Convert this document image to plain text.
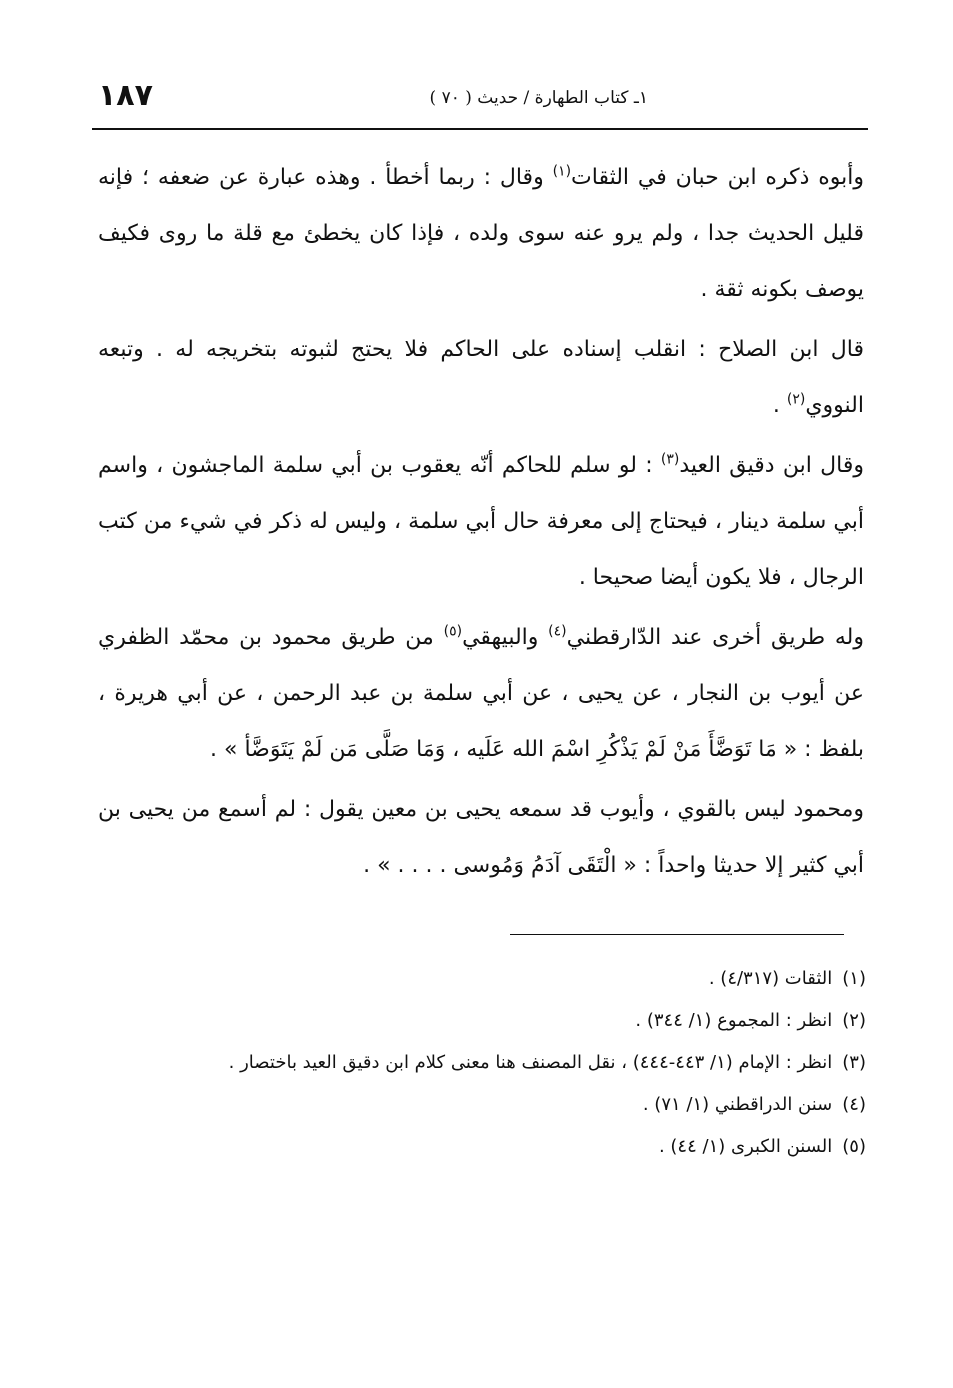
١ـ كتاب الطهارة / حديث ( ٧٠ )
١٨٧

وأبوه ذكره ابن حبان في الثقات$^{(١)}$ وقال : ربما أخطأ . وهذه عبارة عن ضعفه ؛ فإنه قليل الحديث جدا ، ولم يرو عنه سوى ولده ، فإذا كان يخطئ مع قلة ما روى فكيف يوصف بكونه ثقة .

قال ابن الصلاح : انقلب إسناده على الحاكم فلا يحتج لثبوته بتخريجه له . وتبعه النووي$^{(٢)}$ .

وقال ابن دقيق العيد$^{(٣)}$ : لو سلم للحاكم أنّه يعقوب بن أبي سلمة الماجشون ، واسم أبي سلمة دينار ، فيحتاج إلى معرفة حال أبي سلمة ، وليس له ذكر في شيء من كتب الرجال ، فلا يكون أيضا صحيحا .

وله طريق أخرى عند الدّارقطني$^{(٤)}$ والبيهقي$^{(٥)}$ من طريق محمود بن محمّد الظفري عن أيوب بن النجار ، عن يحيى ، عن أبي سلمة بن عبد الرحمن ، عن أبي هريرة ، بلفظ : « مَا تَوَضَّأَ مَنْ لَمْ يَذْكُرِ اسْمَ الله عَلَيه ، وَمَا صَلَّى مَن لَمْ يَتَوَضَّأ » .

ومحمود ليس بالقوي ، وأيوب قد سمعه يحيى بن معين يقول : لم أسمع من يحيى بن أبي كثير إلا حديثا واحداً : « الْتَقَى آدَمُ وَمُوسى . . . . » .

(١)
الثقات (٤/٣١٧) .
(٢)
انظر : المجموع (١/ ٣٤٤) .
(٣)
انظر : الإمام (١/ ٤٤٣-٤٤٤) ، نقل المصنف هنا معنى كلام ابن دقيق العيد باختصار .
(٤)
سنن الدراقطني (١/ ٧١) .
(٥)
السنن الكبرى (١/ ٤٤) .
